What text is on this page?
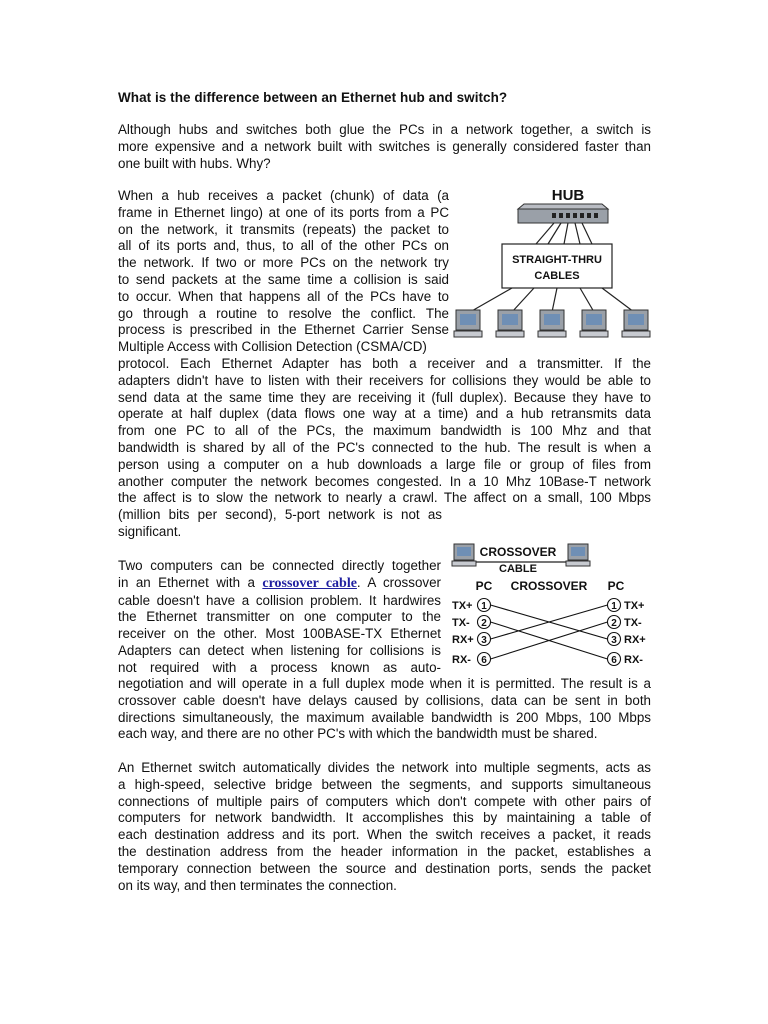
What is the difference between an Ethernet hub and switch?
Although hubs and switches both glue the PCs in a network together, a switch is
more expensive and a network built with switches is generally considered faster than
one built with hubs. Why?
When a hub receives a packet (chunk) of data (a
frame in Ethernet lingo) at one of its ports from a PC
on the network, it transmits (repeats) the packet to
all of its ports and, thus, to all of the other PCs on
the network. If two or more PCs on the network try
to send packets at the same time a collision is said
to occur. When that happens all of the PCs have to
go through a routine to resolve the conflict. The
process is prescribed in the Ethernet Carrier Sense
Multiple Access with Collision Detection (CSMA/CD)
protocol. Each Ethernet Adapter has both a receiver and a transmitter. If the
adapters didn't have to listen with their receivers for collisions they would be able to
send data at the same time they are receiving it (full duplex). Because they have to
operate at half duplex (data flows one way at a time) and a hub retransmits data
from one PC to all of the PCs, the maximum bandwidth is 100 Mhz and that
bandwidth is shared by all of the PC's connected to the hub. The result is when a
person using a computer on a hub downloads a large file or group of files from
another computer the network becomes congested. In a 10 Mhz 10Base-T network
the affect is to slow the network to nearly a crawl. The affect on a small, 100 Mbps
(million bits per second), 5-port network is not as
significant.
Two computers can be connected directly together
in an Ethernet with a crossover cable. A crossover
cable doesn't have a collision problem. It hardwires
the Ethernet transmitter on one computer to the
receiver on the other. Most 100BASE-TX Ethernet
Adapters can detect when listening for collisions is
not required with a process known as auto-
negotiation and will operate in a full duplex mode when it is permitted. The result is a
crossover cable doesn't have delays caused by collisions, data can be sent in both
directions simultaneously, the maximum available bandwidth is 200 Mbps, 100 Mbps
each way, and there are no other PC's with which the bandwidth must be shared.
An Ethernet switch automatically divides the network into multiple segments, acts as
a high-speed, selective bridge between the segments, and supports simultaneous
connections of multiple pairs of computers which don't compete with other pairs of
computers for network bandwidth. It accomplishes this by maintaining a table of
each destination address and its port. When the switch receives a packet, it reads
the destination address from the header information in the packet, establishes a
temporary connection between the source and destination ports, sends the packet
on its way, and then terminates the connection.
HUB
STRAIGHT-THRU
CABLES
CROSSOVER
CABLE
PC CROSSOVER PC
TX+
TX-
RX+
RX-
1
2
3
6
1
2
3
6
TX+
TX-
RX+
RX-
